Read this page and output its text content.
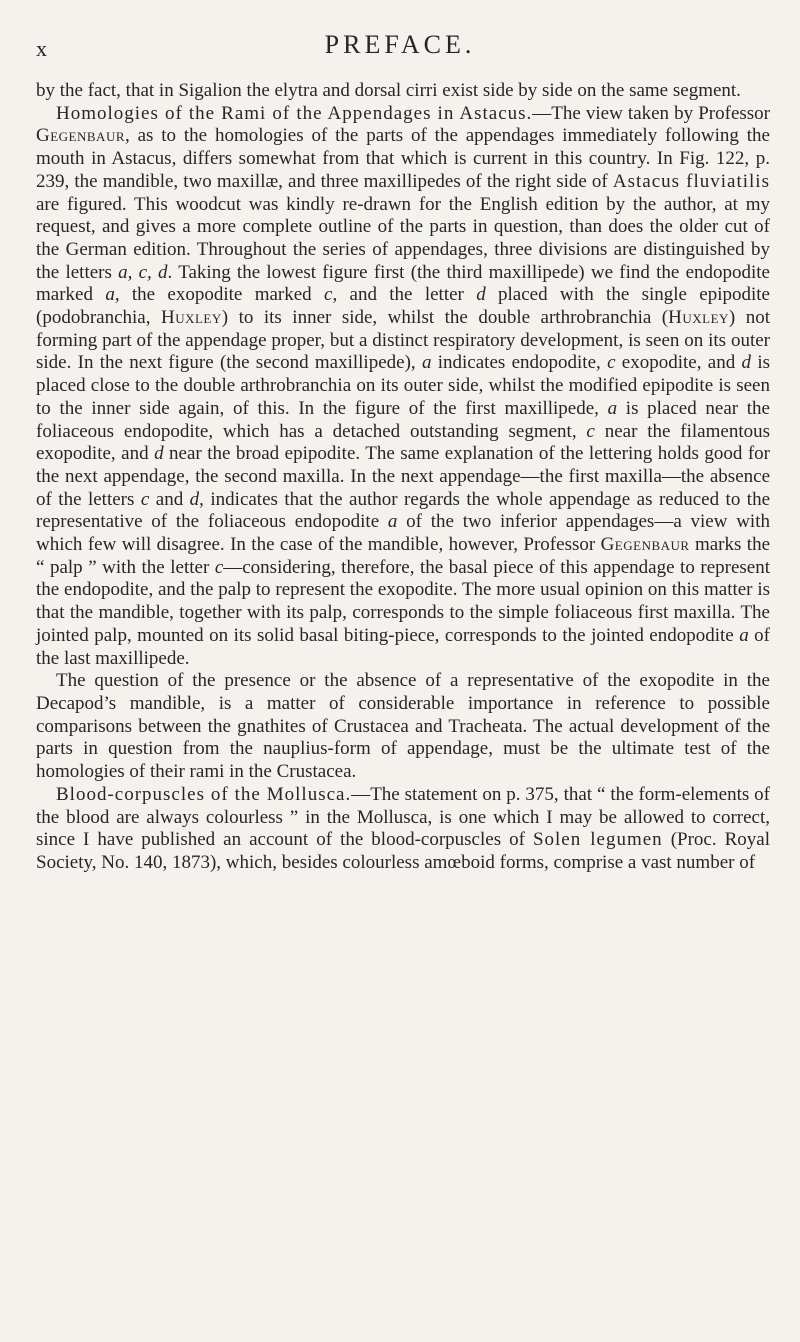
x	PREFACE.

by the fact, that in Sigalion the elytra and dorsal cirri exist side by side on the same segment.

Homologies of the Rami of the Appendages in Astacus.—The view taken by Professor Gegenbaur, as to the homologies of the parts of the appendages immediately following the mouth in Astacus, differs somewhat from that which is current in this country. In Fig. 122, p. 239, the mandible, two maxillæ, and three maxillipedes of the right side of Astacus fluviatilis are figured. This woodcut was kindly re-drawn for the English edition by the author, at my request, and gives a more complete outline of the parts in question, than does the older cut of the German edition. Throughout the series of appendages, three divisions are distinguished by the letters a, c, d. Taking the lowest figure first (the third maxillipede) we find the endopodite marked a, the exopodite marked c, and the letter d placed with the single epipodite (podobranchia, Huxley) to its inner side, whilst the double arthrobranchia (Huxley) not forming part of the appendage proper, but a distinct respiratory development, is seen on its outer side. In the next figure (the second maxillipede), a indicates endopodite, c exopodite, and d is placed close to the double arthrobranchia on its outer side, whilst the modified epipodite is seen to the inner side again, of this. In the figure of the first maxillipede, a is placed near the foliaceous endopodite, which has a detached outstanding segment, c near the filamentous exopodite, and d near the broad epipodite. The same explanation of the lettering holds good for the next appendage, the second maxilla. In the next appendage—the first maxilla—the absence of the letters c and d, indicates that the author regards the whole appendage as reduced to the representative of the foliaceous endopodite a of the two inferior appendages—a view with which few will disagree. In the case of the mandible, however, Professor Gegenbaur marks the “ palp ” with the letter c—considering, therefore, the basal piece of this appendage to represent the endopodite, and the palp to represent the exopodite. The more usual opinion on this matter is that the mandible, together with its palp, corresponds to the simple foliaceous first maxilla. The jointed palp, mounted on its solid basal biting-piece, corresponds to the jointed endopodite a of the last maxillipede.

The question of the presence or the absence of a representative of the exopodite in the Decapod’s mandible, is a matter of considerable importance in reference to possible comparisons between the gnathites of Crustacea and Tracheata. The actual development of the parts in question from the nauplius-form of appendage, must be the ultimate test of the homologies of their rami in the Crustacea.

Blood-corpuscles of the Mollusca.—The statement on p. 375, that “ the form-elements of the blood are always colourless ” in the Mollusca, is one which I may be allowed to correct, since I have published an account of the blood-corpuscles of Solen legumen (Proc. Royal Society, No. 140, 1873), which, besides colourless amœboid forms, comprise a vast number of
